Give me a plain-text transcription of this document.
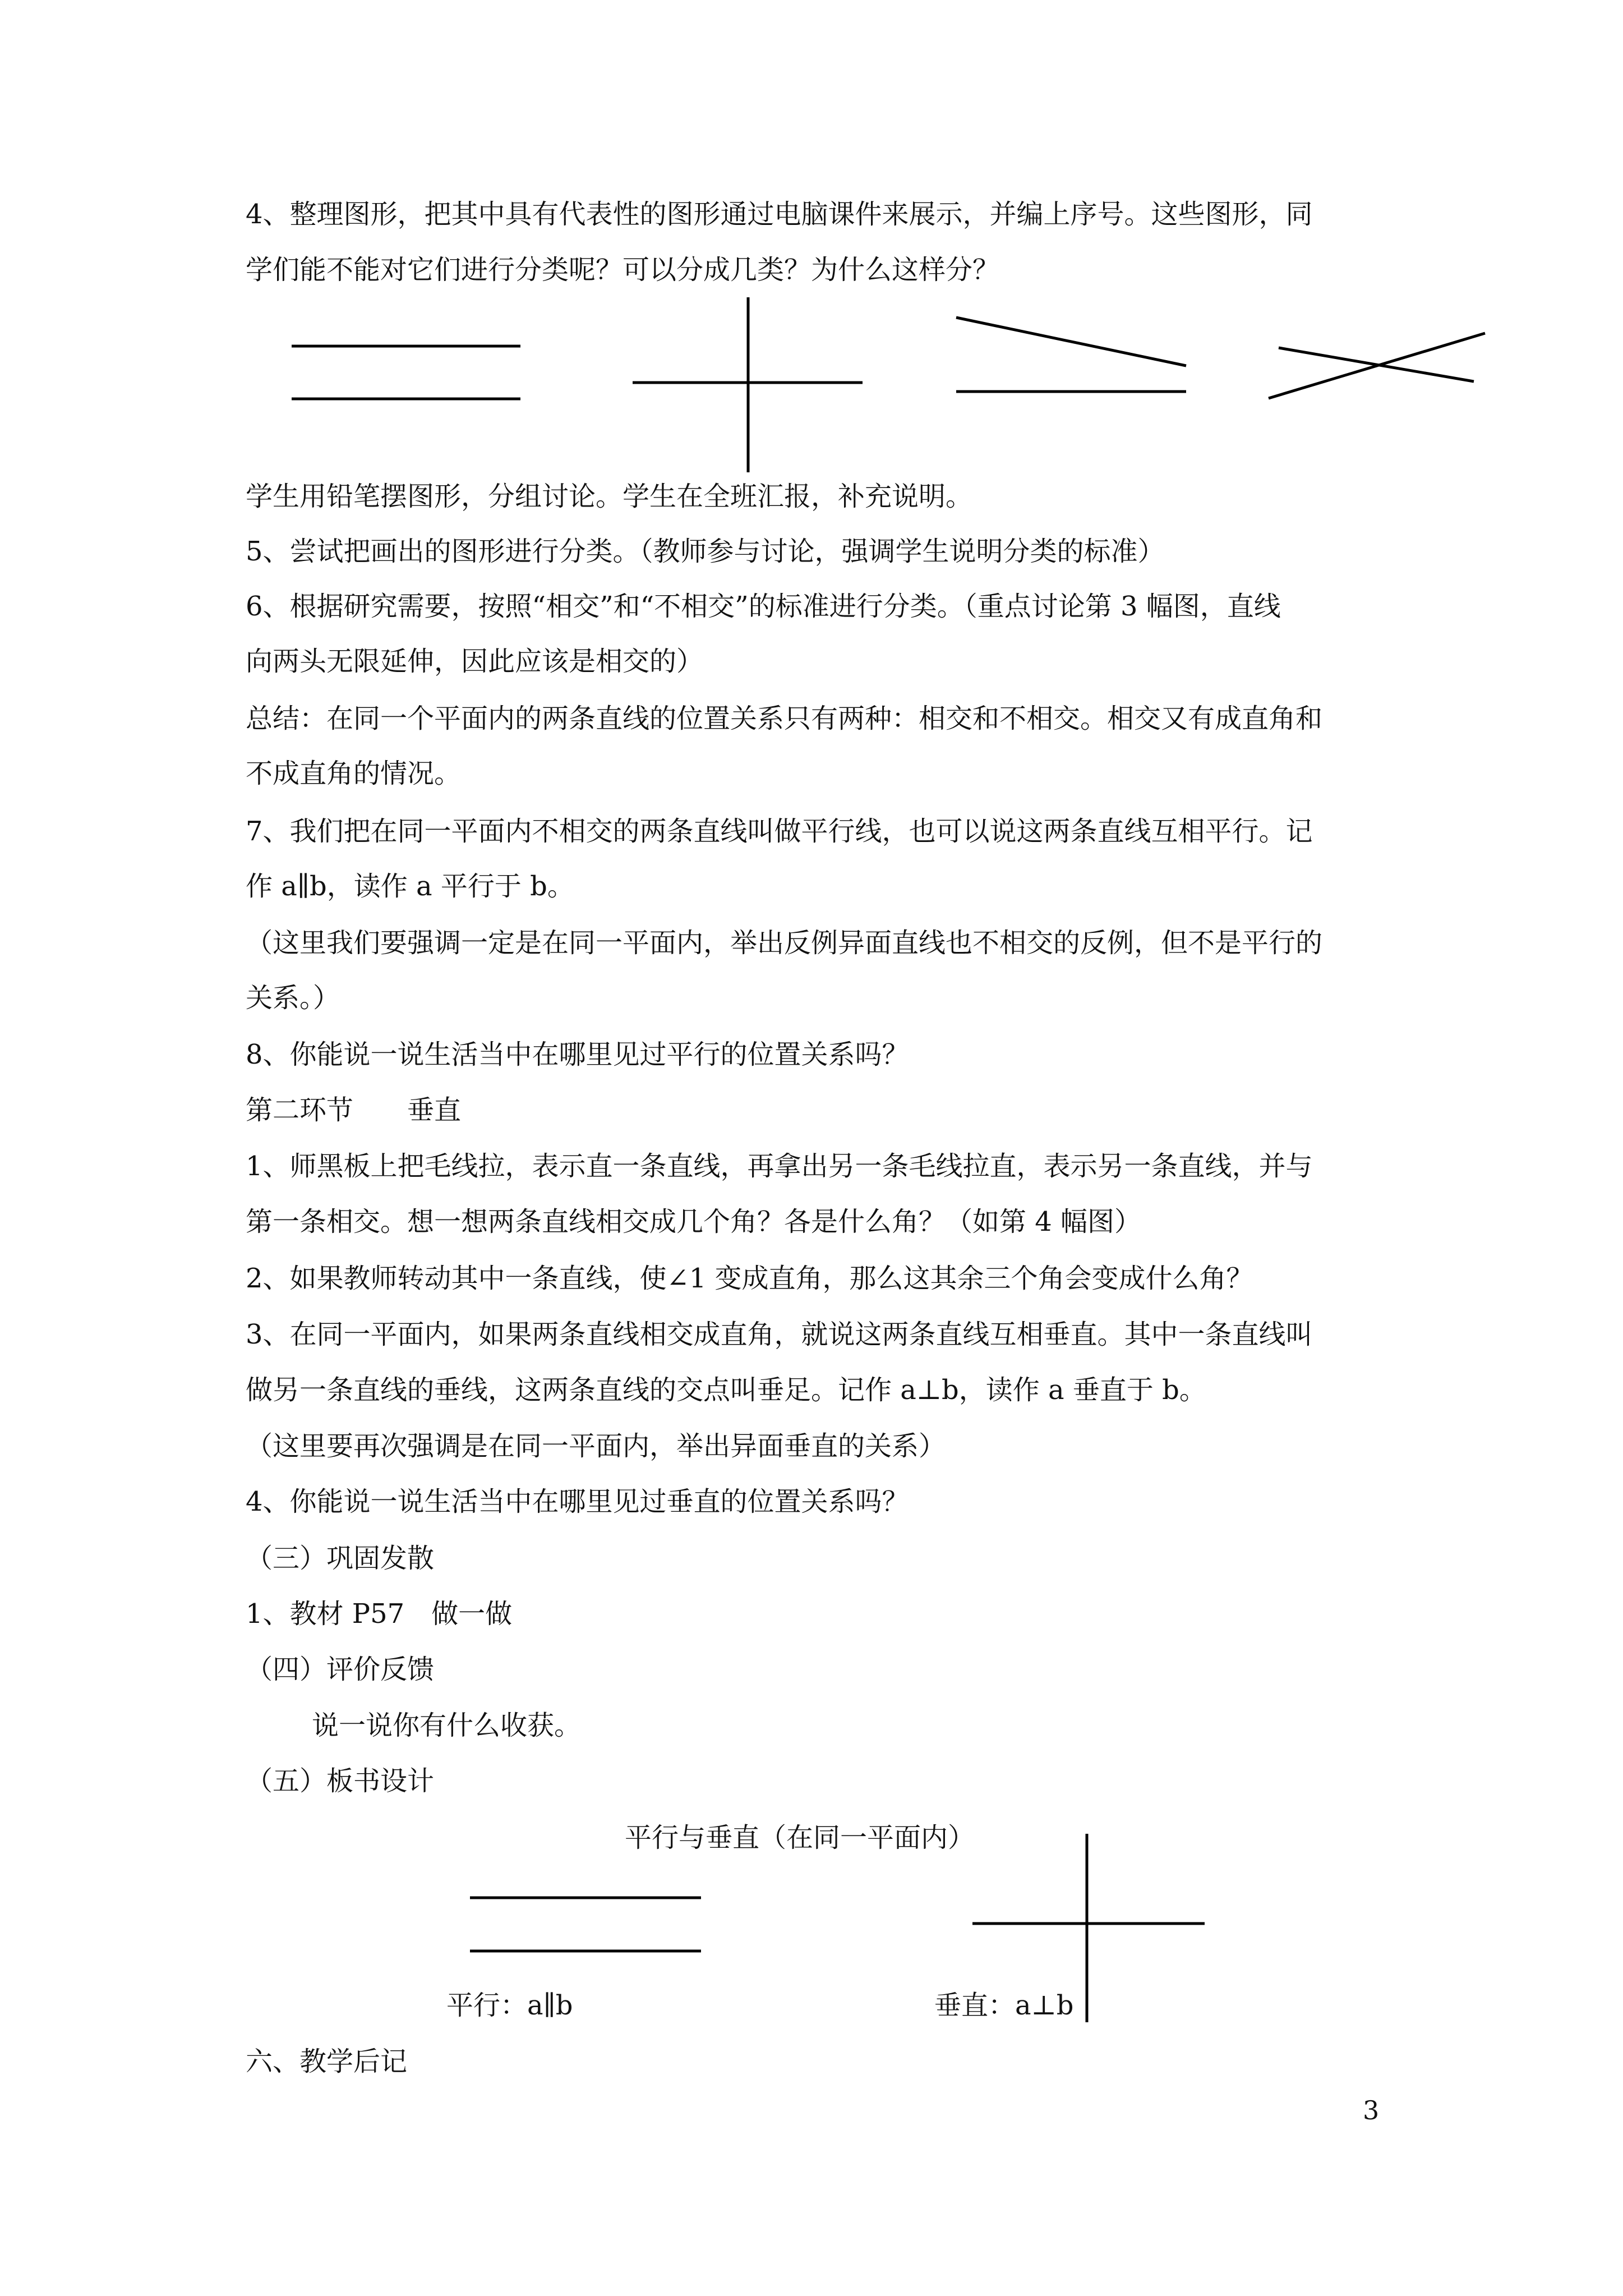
4、整理图形，把其中具有代表性的图形通过电脑课件来展示，并编上序号。这些图形，同
学们能不能对它们进行分类呢？可以分成几类？为什么这样分？
学生用铅笔摆图形，分组讨论。学生在全班汇报，补充说明。
5、尝试把画出的图形进行分类。（教师参与讨论，强调学生说明分类的标准）
6、根据研究需要，按照“相交”和“不相交”的标准进行分类。（重点讨论第 3 幅图，直线
向两头无限延伸，因此应该是相交的）
总结：在同一个平面内的两条直线的位置关系只有两种：相交和不相交。相交又有成直角和
不成直角的情况。
7、我们把在同一平面内不相交的两条直线叫做平行线，也可以说这两条直线互相平行。记
作 a∥b，读作 a 平行于 b。
（这里我们要强调一定是在同一平面内，举出反例异面直线也不相交的反例，但不是平行的
关系。）
8、你能说一说生活当中在哪里见过平行的位置关系吗？
第二环节　　垂直
1、师黑板上把毛线拉，表示直一条直线，再拿出另一条毛线拉直，表示另一条直线，并与
第一条相交。想一想两条直线相交成几个角？各是什么角？（如第 4 幅图）
2、如果教师转动其中一条直线，使∠1 变成直角，那么这其余三个角会变成什么角？
3、在同一平面内，如果两条直线相交成直角，就说这两条直线互相垂直。其中一条直线叫
做另一条直线的垂线，这两条直线的交点叫垂足。记作 a⊥b，读作 a 垂直于 b。
（这里要再次强调是在同一平面内，举出异面垂直的关系）
4、你能说一说生活当中在哪里见过垂直的位置关系吗？
（三）巩固发散
1、教材 P57　做一做
（四）评价反馈
说一说你有什么收获。
（五）板书设计
平行与垂直（在同一平面内）
平行：a∥b	垂直：a⊥b
六、教学后记
3
